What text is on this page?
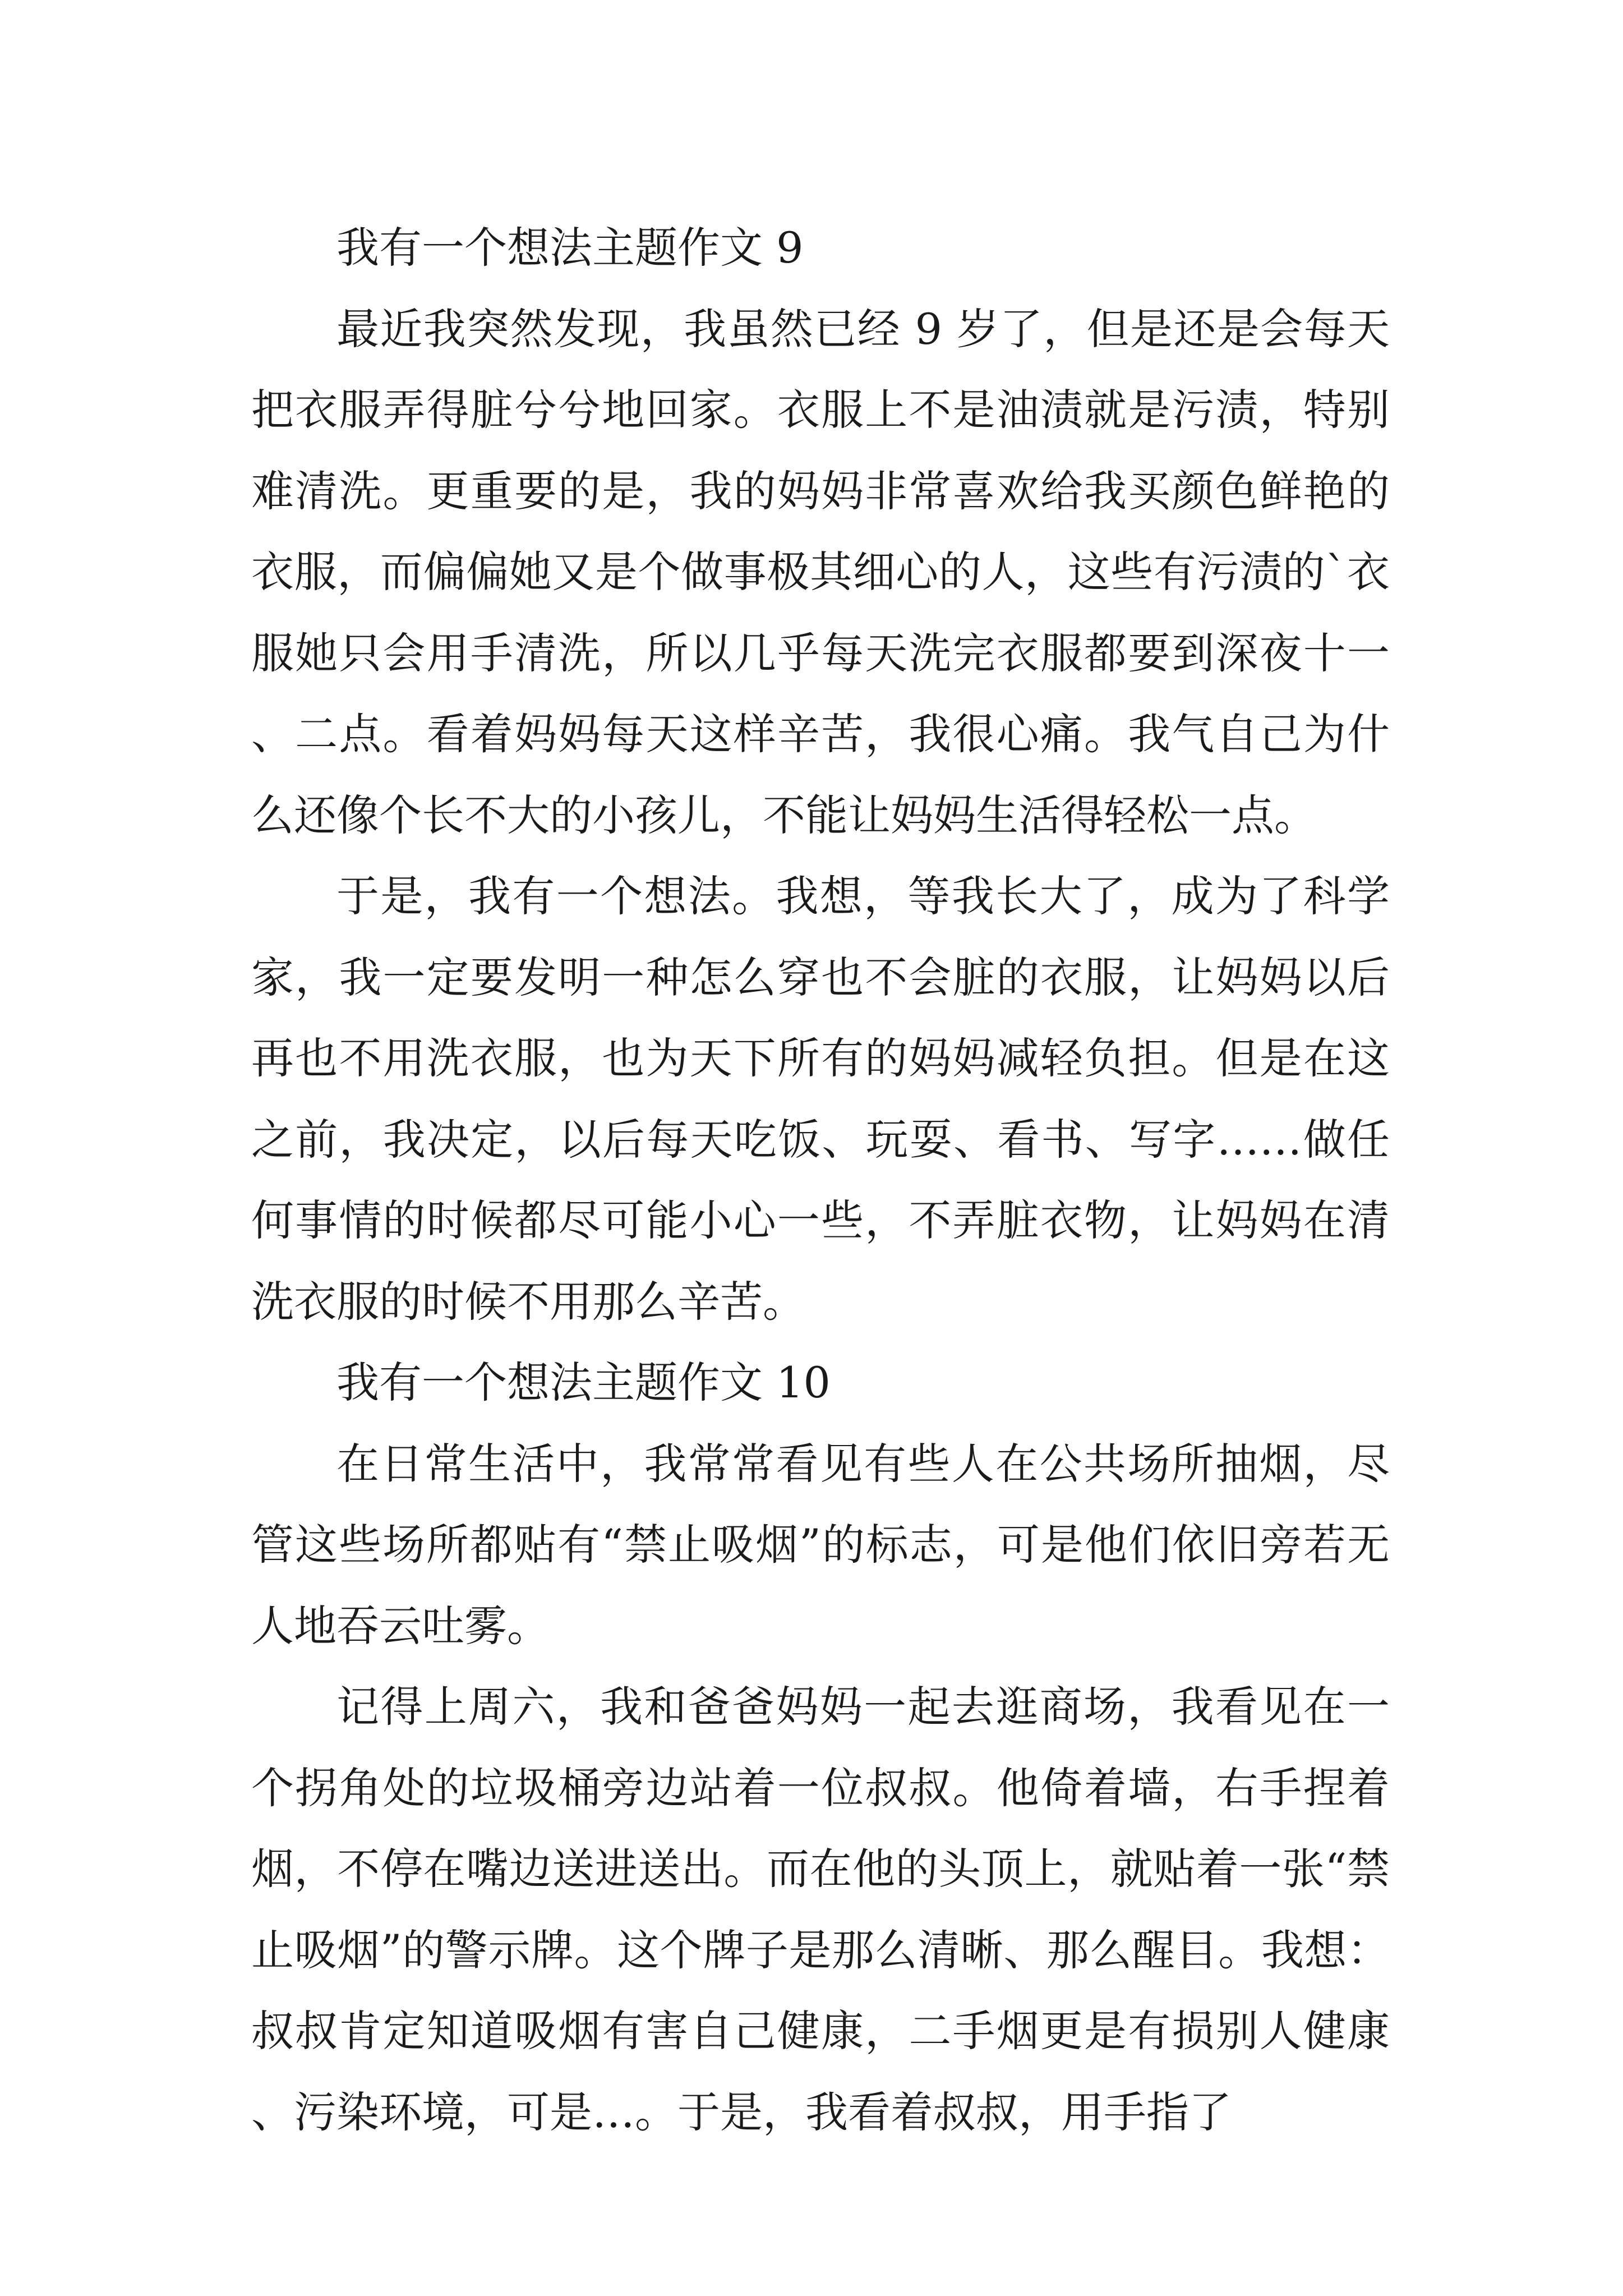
我有一个想法主题作文 9

最近我突然发现，我虽然已经 9 岁了，但是还是会每天把衣服弄得脏兮兮地回家。衣服上不是油渍就是污渍，特别难清洗。更重要的是，我的妈妈非常喜欢给我买颜色鲜艳的衣服，而偏偏她又是个做事极其细心的人，这些有污渍的`衣服她只会用手清洗，所以几乎每天洗完衣服都要到深夜十一、二点。看着妈妈每天这样辛苦，我很心痛。我气自己为什么还像个长不大的小孩儿，不能让妈妈生活得轻松一点。

于是，我有一个想法。我想，等我长大了，成为了科学家，我一定要发明一种怎么穿也不会脏的衣服，让妈妈以后再也不用洗衣服，也为天下所有的妈妈减轻负担。但是在这之前，我决定，以后每天吃饭、玩耍、看书、写字……做任何事情的时候都尽可能小心一些，不弄脏衣物，让妈妈在清洗衣服的时候不用那么辛苦。

我有一个想法主题作文 10

在日常生活中，我常常看见有些人在公共场所抽烟，尽管这些场所都贴有“禁止吸烟”的标志，可是他们依旧旁若无人地吞云吐雾。

记得上周六，我和爸爸妈妈一起去逛商场，我看见在一个拐角处的垃圾桶旁边站着一位叔叔。他倚着墙，右手捏着烟，不停在嘴边送进送出。而在他的头顶上，就贴着一张“禁止吸烟”的警示牌。这个牌子是那么清晰、那么醒目。我想：叔叔肯定知道吸烟有害自己健康，二手烟更是有损别人健康、污染环境，可是…。于是，我看着叔叔，用手指了
